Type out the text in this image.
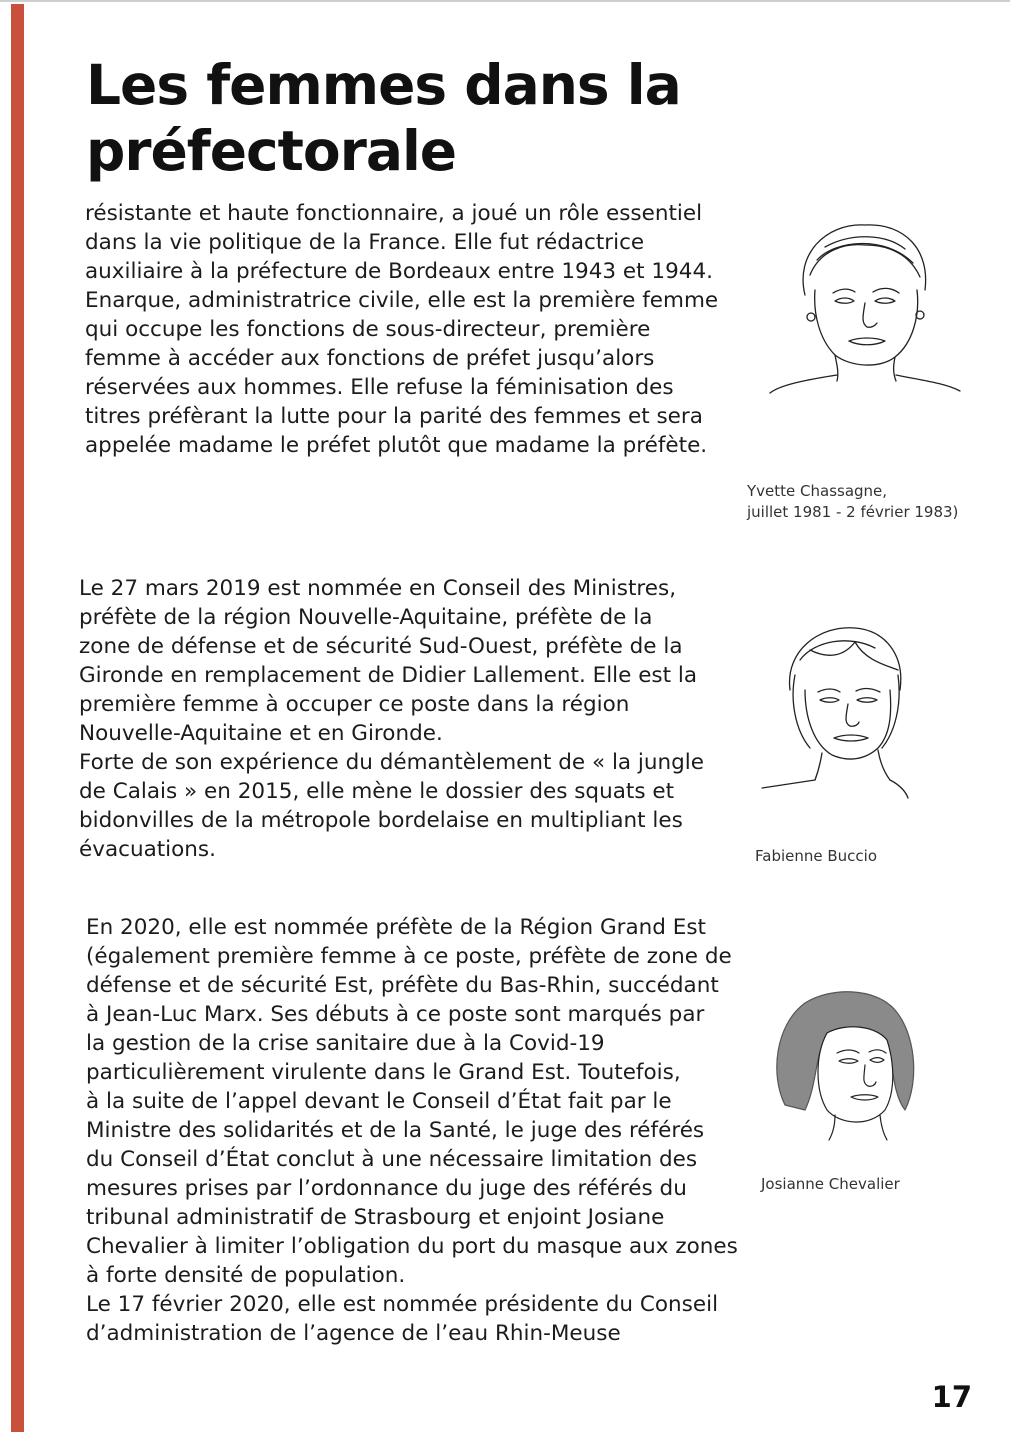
Les femmes dans la préfectorale

résistante et haute fonctionnaire, a joué un rôle essentiel
dans la vie politique de la France. Elle fut rédactrice
auxiliaire à la préfecture de Bordeaux entre 1943 et 1944.
Enarque, administratrice civile, elle est la première femme
qui occupe les fonctions de sous-directeur, première
femme à accéder aux fonctions de préfet jusqu’alors
réservées aux hommes. Elle refuse la féminisation des
titres préfèrant la lutte pour la parité des femmes et sera
appelée madame le préfet plutôt que madame la préfète.

Yvette Chassagne,
juillet 1981 - 2 février 1983)

Le 27 mars 2019 est nommée en Conseil des Ministres,
préfète de la région Nouvelle-Aquitaine, préfète de la
zone de défense et de sécurité Sud-Ouest, préfète de la
Gironde en remplacement de Didier Lallement. Elle est la
première femme à occuper ce poste dans la région
Nouvelle-Aquitaine et en Gironde.
Forte de son expérience du démantèlement de « la jungle
de Calais » en 2015, elle mène le dossier des squats et
bidonvilles de la métropole bordelaise en multipliant les
évacuations.	Fabienne Buccio

En 2020, elle est nommée préfète de la Région Grand Est
(également première femme à ce poste, préfète de zone de
défense et de sécurité Est, préfète du Bas-Rhin, succédant
à Jean-Luc Marx. Ses débuts à ce poste sont marqués par
la gestion de la crise sanitaire due à la Covid-19
particulièrement virulente dans le Grand Est. Toutefois,
à la suite de l’appel devant le Conseil d’État fait par le
Ministre des solidarités et de la Santé, le juge des référés
du Conseil d’État conclut à une nécessaire limitation des
mesures prises par l’ordonnance du juge des référés du
tribunal administratif de Strasbourg et enjoint Josiane
Chevalier à limiter l’obligation du port du masque aux zones
à forte densité de population.
Le 17 février 2020, elle est nommée présidente du Conseil
d’administration de l’agence de l’eau Rhin-Meuse

Josianne Chevalier

17
